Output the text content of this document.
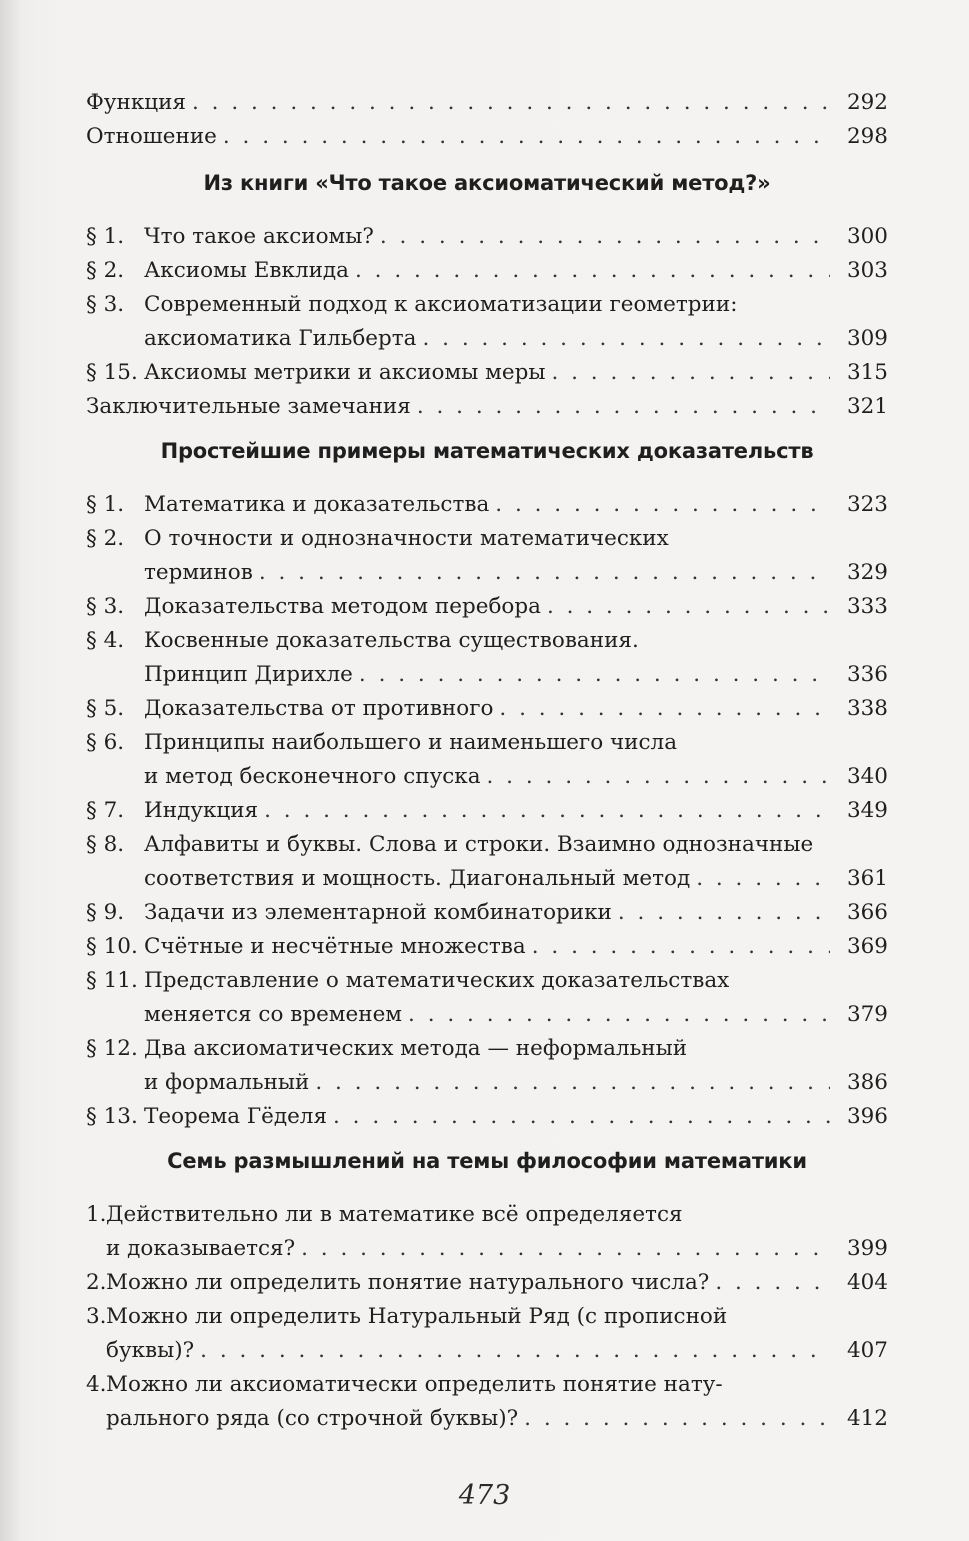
Функция . . .	292
Отношение . . .	298
Из книги «Что такое аксиоматический метод?»
§ 1. Что такое аксиомы? . . .	300
§ 2. Аксиомы Евклида . . .	303
§ 3. Современный подход к аксиоматизации геометрии:
аксиоматика Гильберта . . .	309
§ 15. Аксиомы метрики и аксиомы меры . . .	315
Заключительные замечания . . .	321
Простейшие примеры математических доказательств
§ 1. Математика и доказательства . . .	323
§ 2. О точности и однозначности математических
терминов . . .	329
§ 3. Доказательства методом перебора . . .	333
§ 4. Косвенные доказательства существования.
Принцип Дирихле . . .	336
§ 5. Доказательства от противного . . .	338
§ 6. Принципы наибольшего и наименьшего числа
и метод бесконечного спуска . . .	340
§ 7. Индукция . . .	349
§ 8. Алфавиты и буквы. Слова и строки. Взаимно однозначные
соответствия и мощность. Диагональный метод . . .	361
§ 9. Задачи из элементарной комбинаторики . . .	366
§ 10. Счётные и несчётные множества . . .	369
§ 11. Представление о математических доказательствах
меняется со временем . . .	379
§ 12. Два аксиоматических метода — неформальный
и формальный . . .	386
§ 13. Теорема Гёделя . . .	396
Семь размышлений на темы философии математики
1. Действительно ли в математике всё определяется
и доказывается? . . .	399
2. Можно ли определить понятие натурального числа? . . .	404
3. Можно ли определить Натуральный Ряд (с прописной
буквы)? . . .	407
4. Можно ли аксиоматически определить понятие нату-
рального ряда (со строчной буквы)? . . .	412
473
